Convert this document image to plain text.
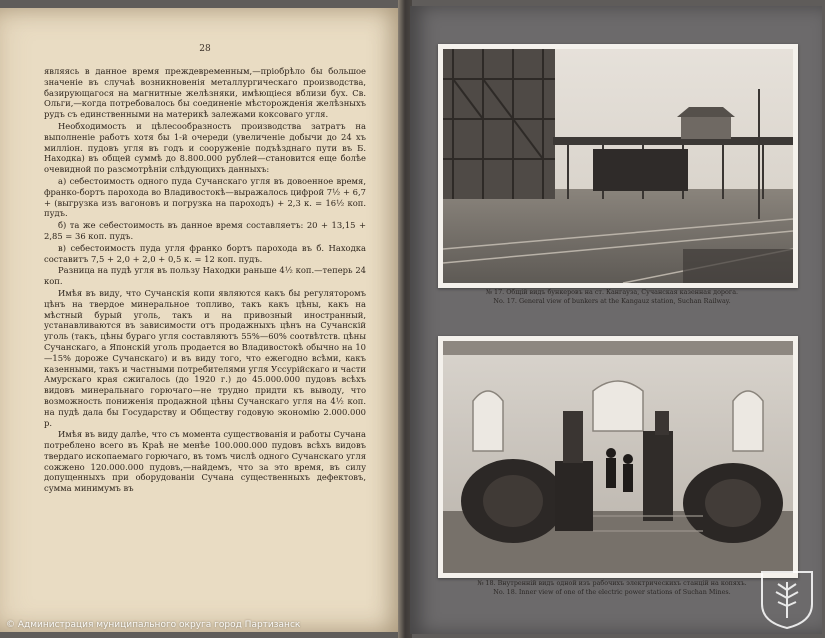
28

являясь в данное время преждевременным,—пріобрѣло бы большое значеніе въ случаѣ возникновенія металлургическаго производства, базирующагося на магнитные желѣзняки, имѣющіеся вблизи бух. Св. Ольги,—когда потребовалось бы соединеніе мѣсторожденія желѣзныхъ рудъ съ единственными на материкѣ залежами коксоваго угля.

Необходимость и цѣлесообразность производства затратъ на выполненіе работъ хотя бы 1-й очереди (увеличеніе добычи до 24 хъ милліон. пудовъ угля въ годъ и сооруженіе подъѣзднаго пути въ Б. Находка) въ общей суммѣ до 8.800.000 рублей—становится еще болѣе очевидной по разсмотрѣніи слѣдующихъ данныхъ:

а) себестоимость одного пуда Сучанскаго угля въ довоенное время, франко-бортъ парохода во Владивостокѣ—выражалось цифрой 7½ + 6,7 + (выгрузка изъ вагоновъ и погрузка на пароходъ) + 2,3 к. = 16½ коп. пудъ.

б) та же себестоимость въ данное время составляетъ: 20 + 13,15 + 2,85 = 36 коп. пудъ.

в) себестоимость пуда угля франко бортъ парохода въ б. Находка составитъ 7,5 + 2,0 + 2,0 + 0,5 к. = 12 коп. пудъ.

Разница на пудѣ угля въ пользу Находки раньше 4½ коп.—теперь 24 коп.

Имѣя въ виду, что Сучанскія копи являются какъ бы регуляторомъ цѣнъ на твердое минеральное топливо, такъ какъ цѣны, какъ на мѣстный бурый уголь, такъ и на привозный иностранный, устанавливаются въ зависимости отъ продажныхъ цѣнъ на Сучанскій уголь (такъ, цѣны бураго угля составляютъ 55%—60% соотвѣтств. цѣны Сучанскаго, а Японскій уголь продается во Владивостокѣ обычно на 10—15% дороже Сучанскаго) и въ виду того, что ежегодно всѣми, какъ казенными, такъ и частными потребителями угля Уссурійскаго и части Амурскаго края сжигалось (до 1920 г.) до 45.000.000 пудовъ всѣхъ видовъ минеральнаго горючаго—не трудно придти къ выводу, что возможность пониженія продажной цѣны Сучанскаго угля на 4½ коп. на пудѣ дала бы Государству и Обществу годовую экономію 2.000.000 р.

Имѣя въ виду далѣе, что съ момента существованія и работы Сучана потреблено всего въ Краѣ не менѣе 100.000.000 пудовъ всѣхъ видовъ твердаго ископаемаго горючаго, въ томъ числѣ одного Сучанскаго угля сожжено 120.000.000 пудовъ,—найдемъ, что за это время, въ силу допущенныхъ при оборудованіи Сучана существенныхъ дефектовъ, сумма минимумъ въ

№ 17. Общій видъ бункеровъ на ст. Кангауза, Сучанская казенная дорога.
No. 17. General view of bunkers at the Kangauz station, Suchan Railway.
№ 18. Внутренній видъ одной изъ рабочихъ электрическихъ станцій на копяхъ.
No. 18. Inner view of one of the electric power stations of Suchan Mines.
© Администрация муниципального округа город Партизанск
